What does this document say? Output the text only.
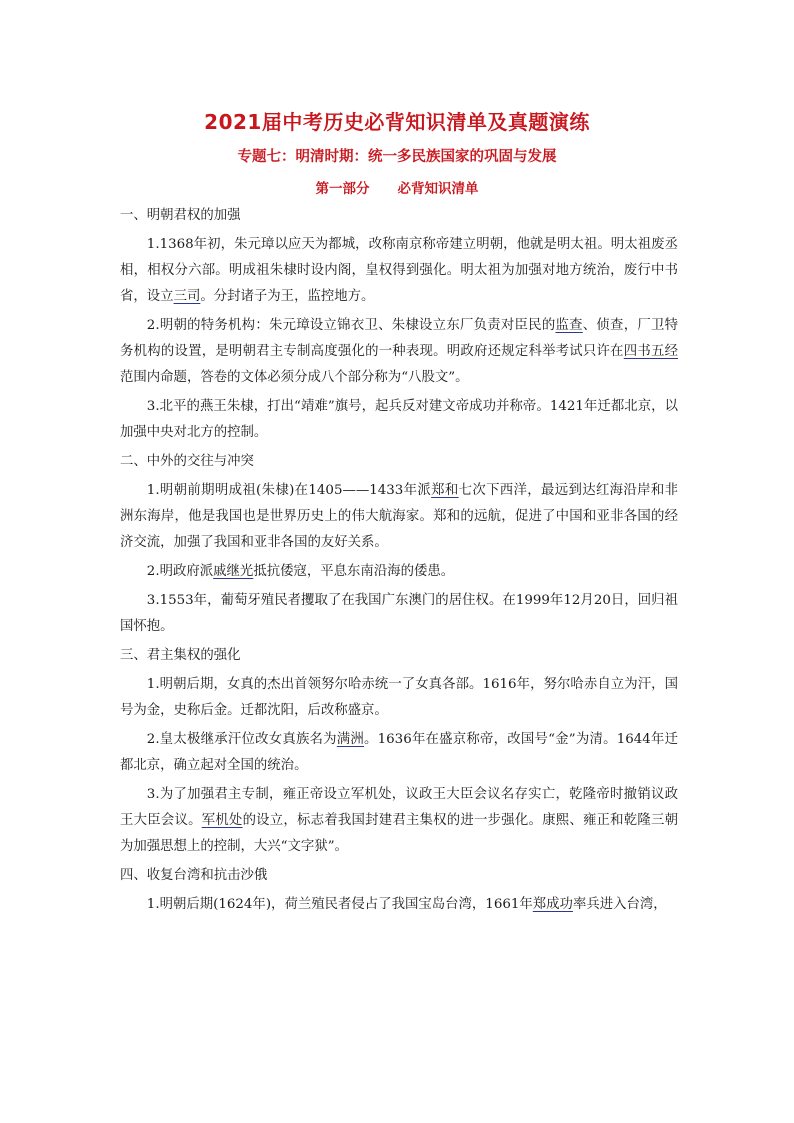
2021届中考历史必背知识清单及真题演练
专题七：明清时期：统一多民族国家的巩固与发展
第一部分 必背知识清单
一、明朝君权的加强
1.1368年初，朱元璋以应天为都城，改称南京称帝建立明朝，他就是明太祖。明太祖废丞相，相权分六部。明成祖朱棣时设内阁，皇权得到强化。明太祖为加强对地方统治，废行中书省，设立三司。分封诸子为王，监控地方。
2.明朝的特务机构：朱元璋设立锦衣卫、朱棣设立东厂负责对臣民的监查、侦查，厂卫特务机构的设置，是明朝君主专制高度强化的一种表现。明政府还规定科举考试只许在四书五经范围内命题，答卷的文体必须分成八个部分称为“八股文”。
3.北平的燕王朱棣，打出“靖难”旗号，起兵反对建文帝成功并称帝。1421年迁都北京，以加强中央对北方的控制。
二、中外的交往与冲突
1.明朝前期明成祖(朱棣)在1405——1433年派郑和七次下西洋，最远到达红海沿岸和非洲东海岸，他是我国也是世界历史上的伟大航海家。郑和的远航，促进了中国和亚非各国的经济交流，加强了我国和亚非各国的友好关系。
2.明政府派戚继光抵抗倭寇，平息东南沿海的倭患。
3.1553年，葡萄牙殖民者攫取了在我国广东澳门的居住权。在1999年12月20日，回归祖国怀抱。
三、君主集权的强化
1.明朝后期，女真的杰出首领努尔哈赤统一了女真各部。1616年，努尔哈赤自立为汗，国号为金，史称后金。迁都沈阳，后改称盛京。
2.皇太极继承汗位改女真族名为满洲。1636年在盛京称帝，改国号“金”为清。1644年迁都北京，确立起对全国的统治。
3.为了加强君主专制，雍正帝设立军机处，议政王大臣会议名存实亡，乾隆帝时撤销议政王大臣会议。军机处的设立，标志着我国封建君主集权的进一步强化。康熙、雍正和乾隆三朝为加强思想上的控制，大兴“文字狱”。
四、收复台湾和抗击沙俄
1.明朝后期(1624年)，荷兰殖民者侵占了我国宝岛台湾，1661年郑成功率兵进入台湾，
